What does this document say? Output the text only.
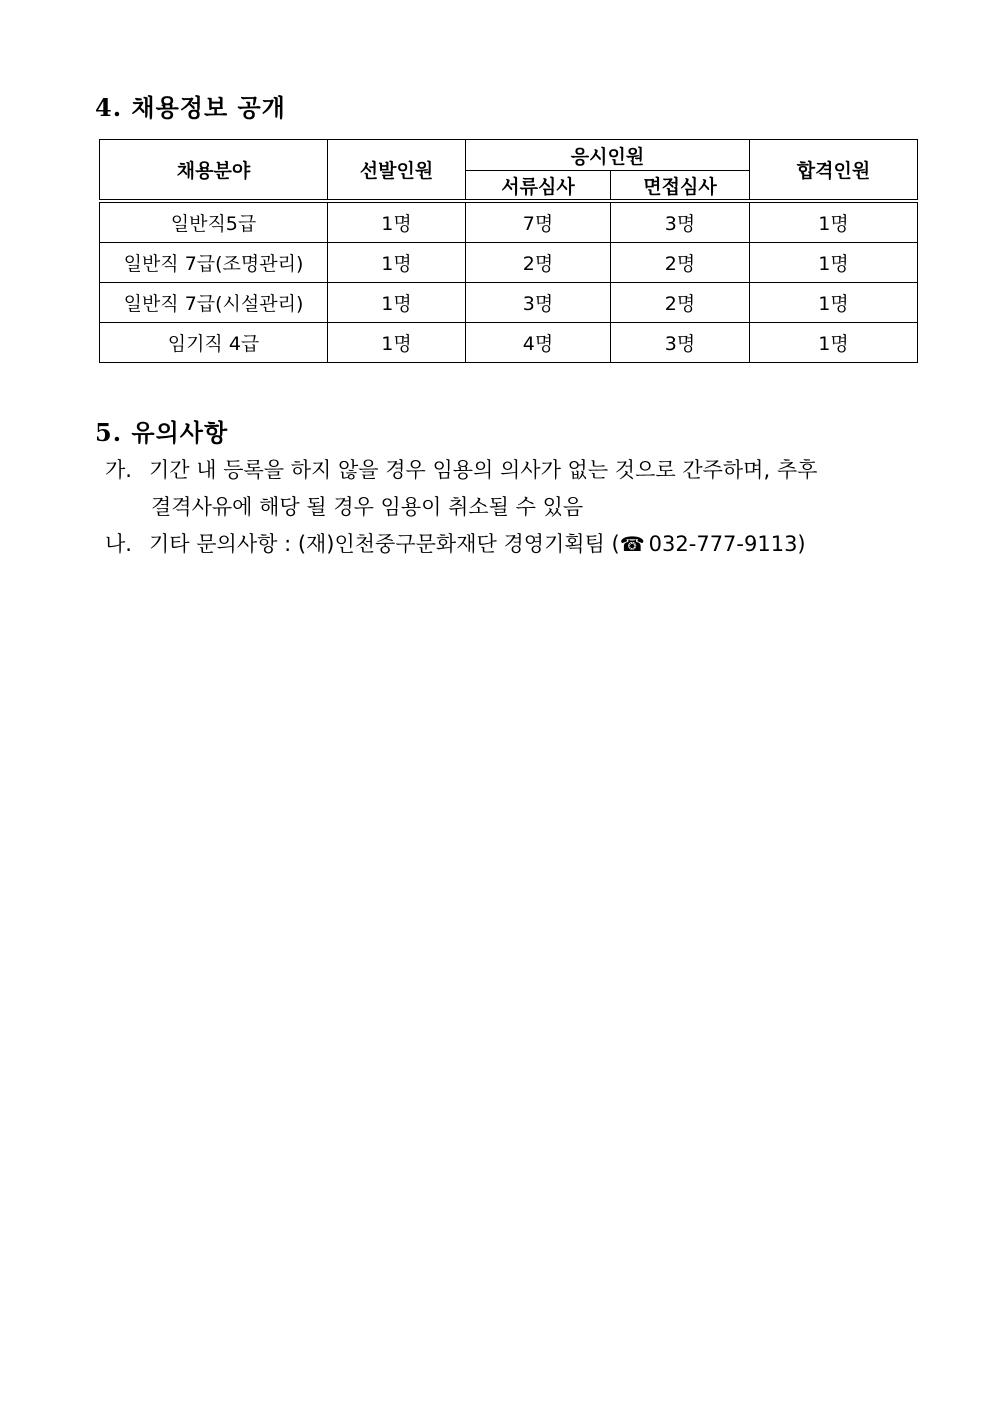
4. 채용정보 공개
채용분야	선발인원	응시인원		합격인원
		서류심사	면접심사	
일반직5급	1명	7명	3명	1명
일반직 7급(조명관리)	1명	2명	2명	1명
일반직 7급(시설관리)	1명	3명	2명	1명
임기직 4급	1명	4명	3명	1명
5. 유의사항
가. 기간 내 등록을 하지 않을 경우 임용의 의사가 없는 것으로 간주하며, 추후
결격사유에 해당 될 경우 임용이 취소될 수 있음
나. 기타 문의사항 : (재)인천중구문화재단 경영기획팀 (☎ 032-777-9113)
